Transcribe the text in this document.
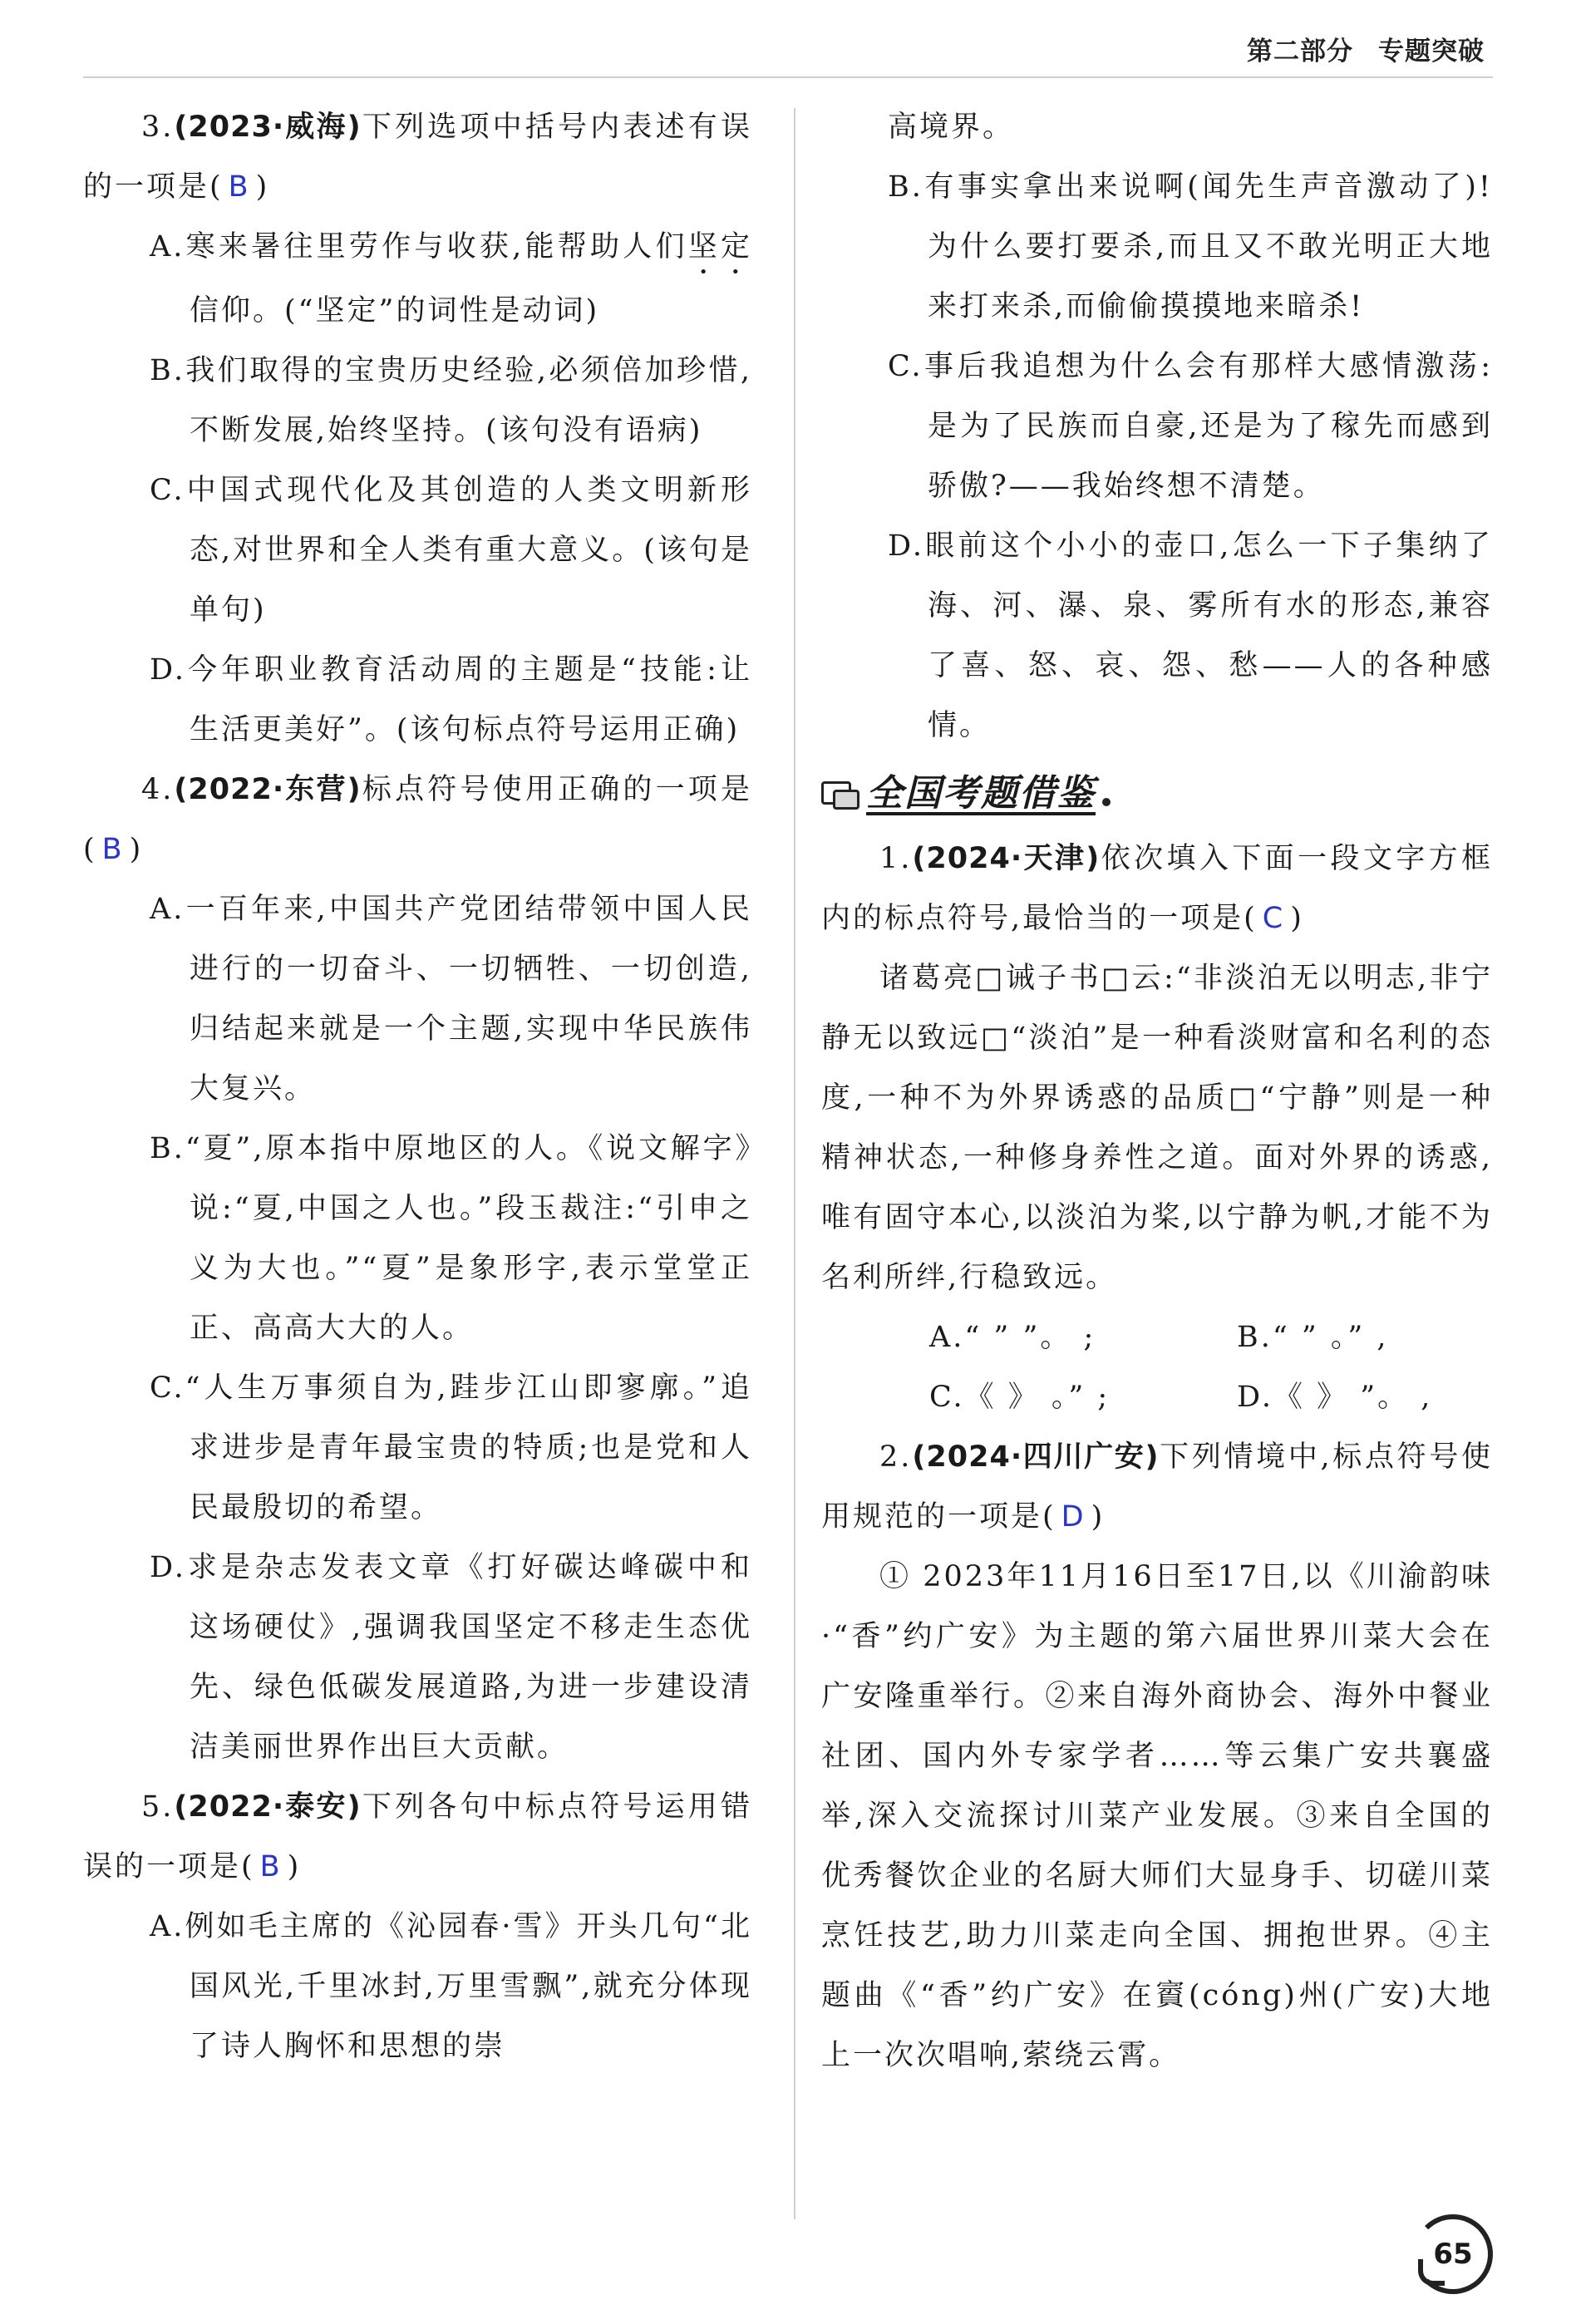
第二部分 专题突破

3.(2023·威海)下列选项中括号内表述有误的一项是( B )

A.寒来暑往里劳作与收获,能帮助人们坚定信仰。(“坚定”的词性是动词)

B.我们取得的宝贵历史经验,必须倍加珍惜,不断发展,始终坚持。(该句没有语病)

C.中国式现代化及其创造的人类文明新形态,对世界和全人类有重大意义。(该句是单句)

D.今年职业教育活动周的主题是“技能:让生活更美好”。(该句标点符号运用正确)

4.(2022·东营)标点符号使用正确的一项是( B )

A.一百年来,中国共产党团结带领中国人民进行的一切奋斗、一切牺牲、一切创造,归结起来就是一个主题,实现中华民族伟大复兴。

B.“夏”,原本指中原地区的人。《说文解字》说:“夏,中国之人也。”段玉裁注:“引申之义为大也。”“夏”是象形字,表示堂堂正正、高高大大的人。

C.“人生万事须自为,跬步江山即寥廓。”追求进步是青年最宝贵的特质;也是党和人民最殷切的希望。

D.求是杂志发表文章《打好碳达峰碳中和这场硬仗》,强调我国坚定不移走生态优先、绿色低碳发展道路,为进一步建设清洁美丽世界作出巨大贡献。

5.(2022·泰安)下列各句中标点符号运用错误的一项是( B )

A.例如毛主席的《沁园春·雪》开头几句“北国风光,千里冰封,万里雪飘”,就充分体现了诗人胸怀和思想的崇

高境界。

B.有事实拿出来说啊(闻先生声音激动了)!为什么要打要杀,而且又不敢光明正大地来打来杀,而偷偷摸摸地来暗杀!

C.事后我追想为什么会有那样大感情激荡:是为了民族而自豪,还是为了稼先而感到骄傲?——我始终想不清楚。

D.眼前这个小小的壶口,怎么一下子集纳了海、河、瀑、泉、雾所有水的形态,兼容了喜、怒、哀、怨、愁——人的各种感情。

全国考题借鉴

1.(2024·天津)依次填入下面一段文字方框内的标点符号,最恰当的一项是( C )

诸葛亮□诫子书□云:“非淡泊无以明志,非宁静无以致远□“淡泊”是一种看淡财富和名利的态度,一种不为外界诱惑的品质□“宁静”则是一种精神状态,一种修身养性之道。面对外界的诱惑,唯有固守本心,以淡泊为桨,以宁静为帆,才能不为名利所绊,行稳致远。

A.“ ” ”。 ;	B.“ ” 。” ,
C.《 》 。” ;	D.《 》 ”。 ,

2.(2024·四川广安)下列情境中,标点符号使用规范的一项是( D )

① 2023年11月16日至17日,以《川渝韵味·“香”约广安》为主题的第六届世界川菜大会在广安隆重举行。②来自海外商协会、海外中餐业社团、国内外专家学者……等云集广安共襄盛举,深入交流探讨川菜产业发展。③来自全国的优秀餐饮企业的名厨大师们大显身手、切磋川菜烹饪技艺,助力川菜走向全国、拥抱世界。④主题曲《“香”约广安》在賨(cóng)州(广安)大地上一次次唱响,萦绕云霄。

65
